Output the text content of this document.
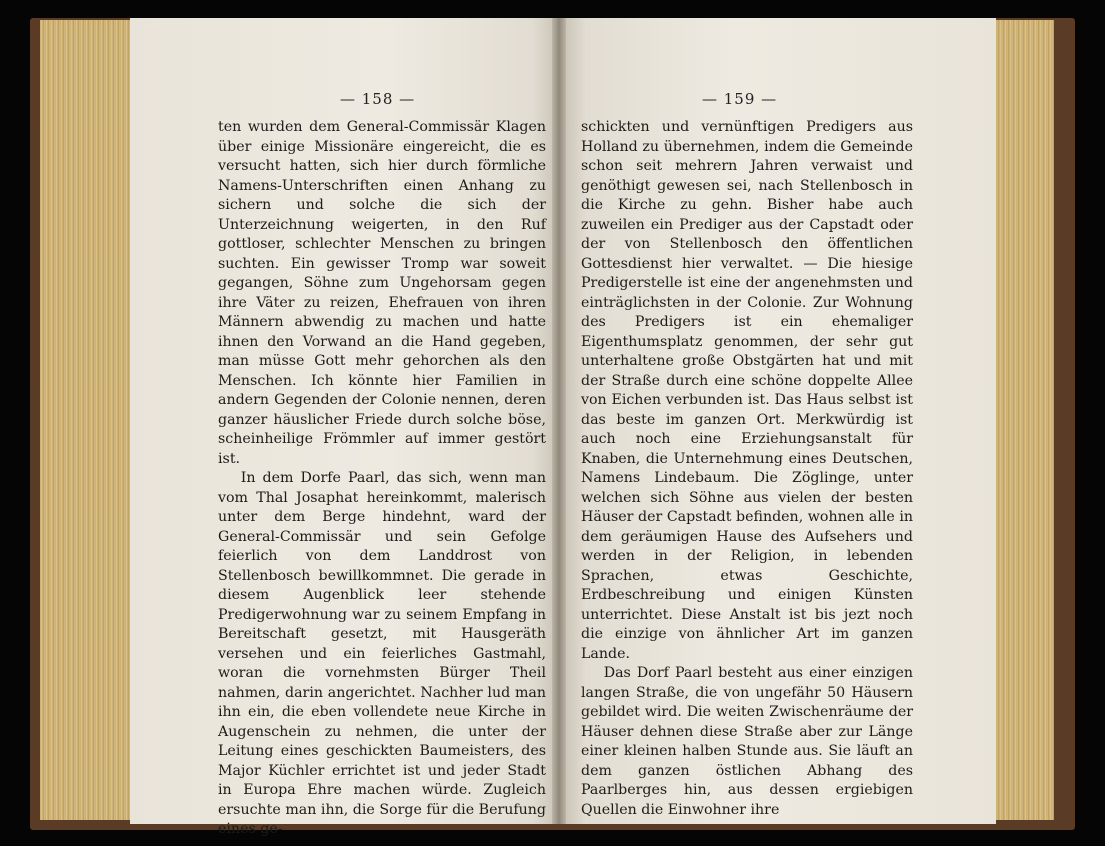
— 158 —	— 159 —

ten wurden dem General-Commissär Klagen über einige Missionäre eingereicht, die es versucht hatten, sich hier durch förmliche Namens-Unterschriften einen Anhang zu sichern und solche die sich der Unterzeichnung weigerten, in den Ruf gottloser, schlechter Menschen zu bringen suchten. Ein gewisser Tromp war soweit gegangen, Söhne zum Ungehorsam gegen ihre Väter zu reizen, Ehefrauen von ihren Männern abwendig zu machen und hatte ihnen den Vorwand an die Hand gegeben, man müsse Gott mehr gehorchen als den Menschen. Ich könnte hier Familien in andern Gegenden der Colonie nennen, deren ganzer häuslicher Friede durch solche böse, scheinheilige Frömmler auf immer gestört ist.

In dem Dorfe Paarl, das sich, wenn man vom Thal Josaphat hereinkommt, malerisch unter dem Berge hindehnt, ward der General-Commissär und sein Gefolge feierlich von dem Landdrost von Stellenbosch bewillkommnet. Die gerade in diesem Augenblick leer stehende Predigerwohnung war zu seinem Empfang in Bereitschaft gesetzt, mit Hausgeräth versehen und ein feierliches Gastmahl, woran die vornehmsten Bürger Theil nahmen, darin angerichtet. Nachher lud man ihn ein, die eben vollendete neue Kirche in Augenschein zu nehmen, die unter der Leitung eines geschickten Baumeisters, des Major Küchler errichtet ist und jeder Stadt in Europa Ehre machen würde. Zugleich ersuchte man ihn, die Sorge für die Berufung eines ge-

schickten und vernünftigen Predigers aus Holland zu übernehmen, indem die Gemeinde schon seit mehrern Jahren verwaist und genöthigt gewesen sei, nach Stellenbosch in die Kirche zu gehn. Bisher habe auch zuweilen ein Prediger aus der Capstadt oder der von Stellenbosch den öffentlichen Gottesdienst hier verwaltet. — Die hiesige Predigerstelle ist eine der angenehmsten und einträglichsten in der Colonie. Zur Wohnung des Predigers ist ein ehemaliger Eigenthumsplatz genommen, der sehr gut unterhaltene große Obstgärten hat und mit der Straße durch eine schöne doppelte Allee von Eichen verbunden ist. Das Haus selbst ist das beste im ganzen Ort. Merkwürdig ist auch noch eine Erziehungsanstalt für Knaben, die Unternehmung eines Deutschen, Namens Lindebaum. Die Zöglinge, unter welchen sich Söhne aus vielen der besten Häuser der Capstadt befinden, wohnen alle in dem geräumigen Hause des Aufsehers und werden in der Religion, in lebenden Sprachen, etwas Geschichte, Erdbeschreibung und einigen Künsten unterrichtet. Diese Anstalt ist bis jezt noch die einzige von ähnlicher Art im ganzen Lande.

Das Dorf Paarl besteht aus einer einzigen langen Straße, die von ungefähr 50 Häusern gebildet wird. Die weiten Zwischenräume der Häuser dehnen diese Straße aber zur Länge einer kleinen halben Stunde aus. Sie läuft an dem ganzen östlichen Abhang des Paarlberges hin, aus dessen ergiebigen Quellen die Einwohner ihre
